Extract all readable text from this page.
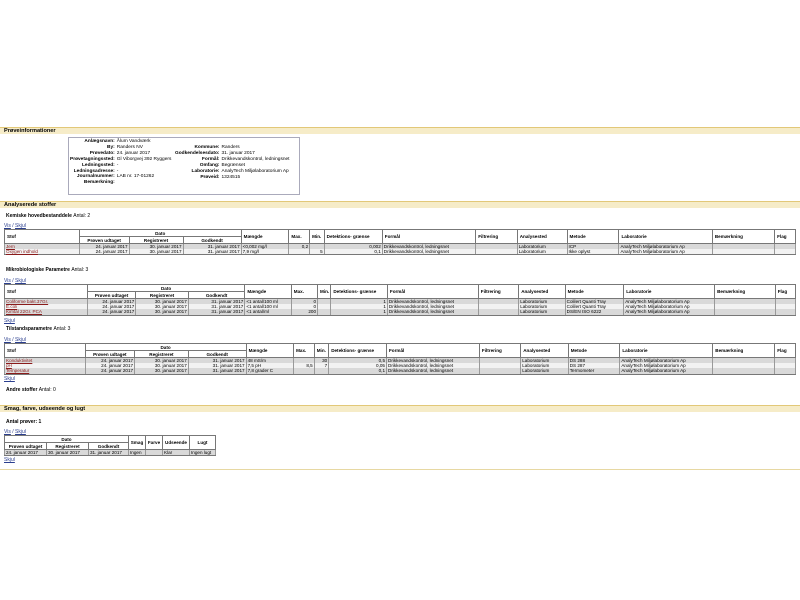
Prøveinformationer
Anlægsnavn:	Ålum Vandværk
By:	Randers NV
Prøvedato:	24. januar 2017
Prøvetagningssted:	Gl Viborgvej 392 Ryggers
Ledningssted:	-
Ledningsadresse:	-
Journalnummer:	LAB nr. 17-01262
Bemærkning:	
Kommune:	Randers
Godkendelsesdato:	31. januar 2017
Formål:	Drikkevandskontrol, ledningsnet
Omfang:	Begrænset
Laboratorie:	AnalyTech Miljølaboratorium Ap
Prøveid:	1324515
Analyserede stoffer
Kemiske hovedbestanddele Antal: 2
Vis / Skjul
Stof	Dato			Mængde	Max.	Min.	Detektions- grænse	Formål	Filtrering	Analysested	Metode	Laboratorie	Bemærkning	Flag
	Prøven udtaget	Registreret	Godkendt											
Jern	24. januar 2017	30. januar 2017	31. januar 2017	<0,002 mg/l	0,2		0,002	Drikkevandskontrol, ledningsnet		Laboratorium	ICP	AnalyTech Miljølaboratorium Ap		
Oxygen indhold	24. januar 2017	30. januar 2017	31. januar 2017	7,9 mg/l		5	0,1	Drikkevandskontrol, ledningsnet		Laboratorium	Ikke oplyst	AnalyTech Miljølaboratorium Ap		
Mikrobiologiske Parametre Antal: 3
Vis / Skjul
Stof	Dato			Mængde	Max.	Min.	Detektions- grænse	Formål	Filtrering	Analysested	Metode	Laboratorie	Bemærkning	Flag
	Prøven udtaget	Registreret	Godkendt											
Coliforme bakt.37Gr.	24. januar 2017	30. januar 2017	31. januar 2017	<1 antal/100 ml	0		1	Drikkevandskontrol, ledningsnet		Laboratorium	Colilert Quanti Tray	AnalyTech Miljølaboratorium Ap		
E.coli	24. januar 2017	30. januar 2017	31. januar 2017	<1 antal/100 ml	0		1	Drikkevandskontrol, ledningsnet		Laboratorium	Colilert Quanti Tray	AnalyTech Miljølaboratorium Ap		
Kimtal 22Gr. PCA	24. januar 2017	30. januar 2017	31. januar 2017	<1 antal/ml	200		1	Drikkevandskontrol, ledningsnet		Laboratorium	DS/EN ISO 6222	AnalyTech Miljølaboratorium Ap		
Skjul
Tilstandsparametre Antal: 3
Vis / Skjul
Stof	Dato			Mængde	Max.	Min.	Detektions- grænse	Formål	Filtrering	Analysested	Metode	Laboratorie	Bemærkning	Flag
	Prøven udtaget	Registreret	Godkendt											
Konduktivitet	24. januar 2017	30. januar 2017	31. januar 2017	48 mS/m		30	0,5	Drikkevandskontrol, ledningsnet		Laboratorium	DS 288	AnalyTech Miljølaboratorium Ap		
pH	24. januar 2017	30. januar 2017	31. januar 2017	7,5 pH	8,5	7	0,05	Drikkevandskontrol, ledningsnet		Laboratorium	DS 287	AnalyTech Miljølaboratorium Ap		
Temperatur	24. januar 2017	30. januar 2017	31. januar 2017	7,8 grader C			0,1	Drikkevandskontrol, ledningsnet		Laboratorium	Termometer	AnalyTech Miljølaboratorium Ap		
Skjul
Andre stoffer Antal: 0
Smag, farve, udseende og lugt
Antal prøver: 1
Vis / Skjul
Dato			Smag	Farve	Udseende	Lugt
Prøven udtaget	Registreret	Godkendt				
24. januar 2017	30. januar 2017	31. januar 2017	Ingen		Klar	Ingen lugt
Skjul
